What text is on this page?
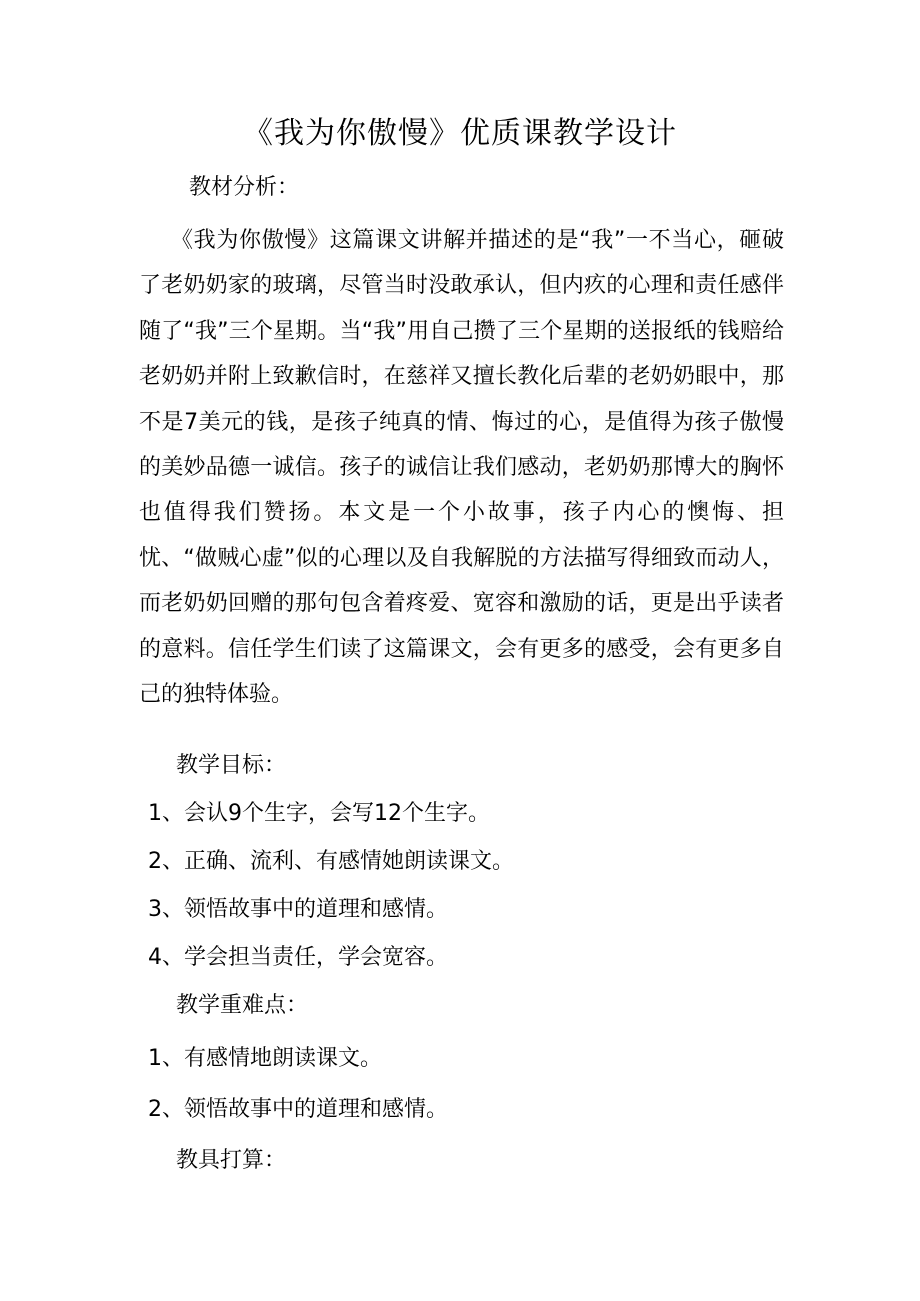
《我为你傲慢》优质课教学设计
教材分析：
《我为你傲慢》这篇课文讲解并描述的是“我”一不当心，砸破了老奶奶家的玻璃，尽管当时没敢承认，但内疚的心理和责任感伴随了“我”三个星期。当“我”用自己攒了三个星期的送报纸的钱赔给老奶奶并附上致歉信时，在慈祥又擅长教化后辈的老奶奶眼中，那不是7美元的钱，是孩子纯真的情、悔过的心，是值得为孩子傲慢的美妙品德一诚信。孩子的诚信让我们感动，老奶奶那博大的胸怀也值得我们赞扬。本文是一个小故事，孩子内心的懊悔、担忧、“做贼心虚”似的心理以及自我解脱的方法描写得细致而动人，而老奶奶回赠的那句包含着疼爱、宽容和激励的话，更是出乎读者的意料。信任学生们读了这篇课文，会有更多的感受，会有更多自己的独特体验。
教学目标：
1、会认9个生字，会写12个生字。
2、正确、流利、有感情她朗读课文。
3、领悟故事中的道理和感情。
4、学会担当责任，学会宽容。
教学重难点：
1、有感情地朗读课文。
2、领悟故事中的道理和感情。
教具打算：
